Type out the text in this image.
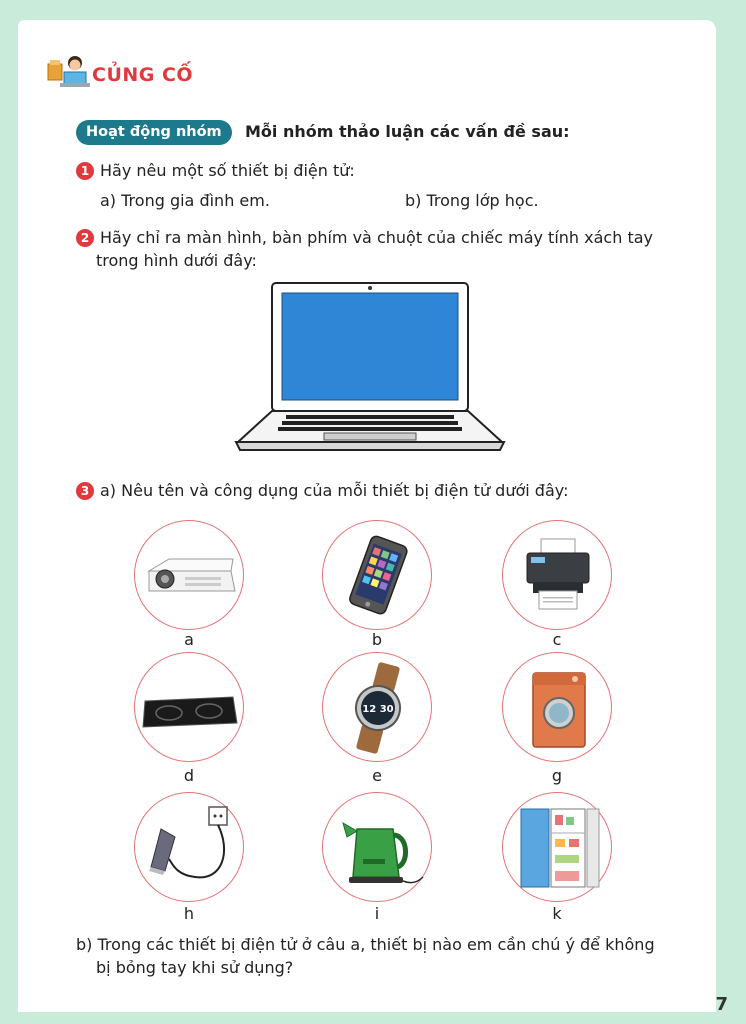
CỦNG CỐ
Hoạt động nhóm	Mỗi nhóm thảo luận các vấn đề sau:
1 Hãy nêu một số thiết bị điện tử:
a) Trong gia đình em.	b) Trong lớp học.
2 Hãy chỉ ra màn hình, bàn phím và chuột của chiếc máy tính xách tay
trong hình dưới đây:
3 a) Nêu tên và công dụng của mỗi thiết bị điện tử dưới đây:
a	b	c
12 30
d	e	g
h	i	k
b) Trong các thiết bị điện tử ở câu a, thiết bị nào em cần chú ý để không
bị bỏng tay khi sử dụng?
7
